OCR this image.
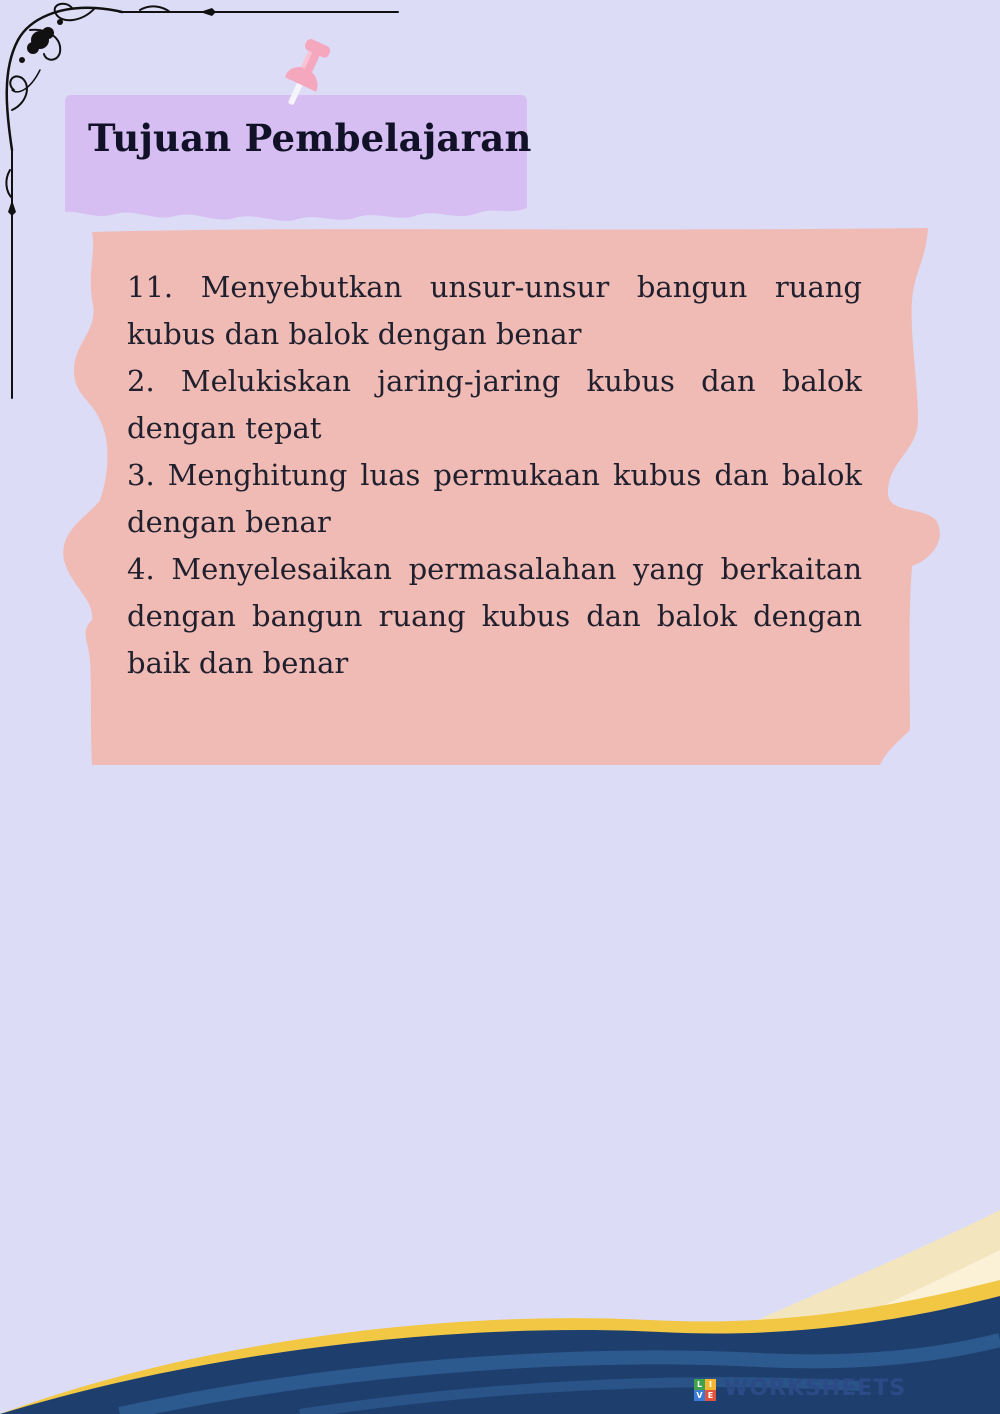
Tujuan Pembelajaran

11. Menyebutkan unsur-unsur bangun ruang kubus dan balok dengan benar

2. Melukiskan jaring-jaring kubus dan balok dengan tepat

3. Menghitung luas permukaan kubus dan balok dengan benar

4. Menyelesaikan permasalahan yang berkaitan dengan bangun ruang kubus dan balok dengan baik dan benar

L I
V E WORKSHEETS
